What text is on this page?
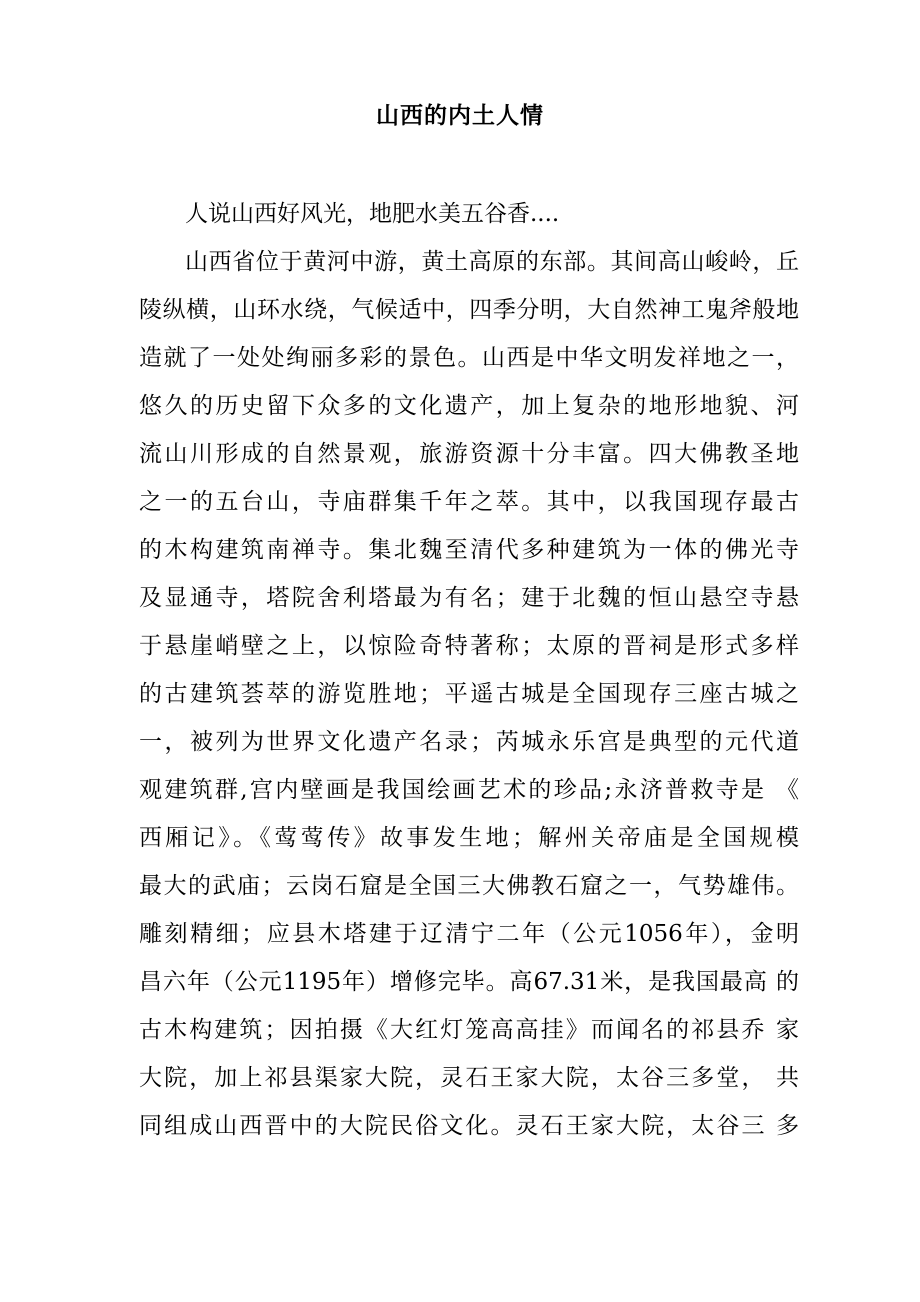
山西的内土人情

人说山西好风光，地肥水美五谷香....

山西省位于黄河中游，黄土高原的东部。其间高山峻岭，丘

陵纵横，山环水绕，气候适中，四季分明，大自然神工鬼斧般地

造就了一处处绚丽多彩的景色。山西是中华文明发祥地之一，

悠久的历史留下众多的文化遗产，加上复杂的地形地貌、河

流山川形成的自然景观，旅游资源十分丰富。四大佛教圣地

之一的五台山，寺庙群集千年之萃。其中，以我国现存最古

的木构建筑南禅寺。集北魏至清代多种建筑为一体的佛光寺

及显通寺，塔院舍利塔最为有名；建于北魏的恒山悬空寺悬

于悬崖峭壁之上，以惊险奇特著称；太原的晋祠是形式多样

的古建筑荟萃的游览胜地；平遥古城是全国现存三座古城之

一，被列为世界文化遗产名录；芮城永乐宫是典型的元代道

观建筑群,宫内壁画是我国绘画艺术的珍品;永济普救寺是 《

西厢记》。《莺莺传》故事发生地；解州关帝庙是全国规模

最大的武庙；云岗石窟是全国三大佛教石窟之一，气势雄伟。

雕刻精细；应县木塔建于辽清宁二年（公元1056年），金明

昌六年（公元1195年）增修完毕。高67.31米，是我国最高 的

古木构建筑；因拍摄《大红灯笼高高挂》而闻名的祁县乔 家

大院，加上祁县渠家大院，灵石王家大院，太谷三多堂， 共

同组成山西晋中的大院民俗文化。灵石王家大院，太谷三 多
